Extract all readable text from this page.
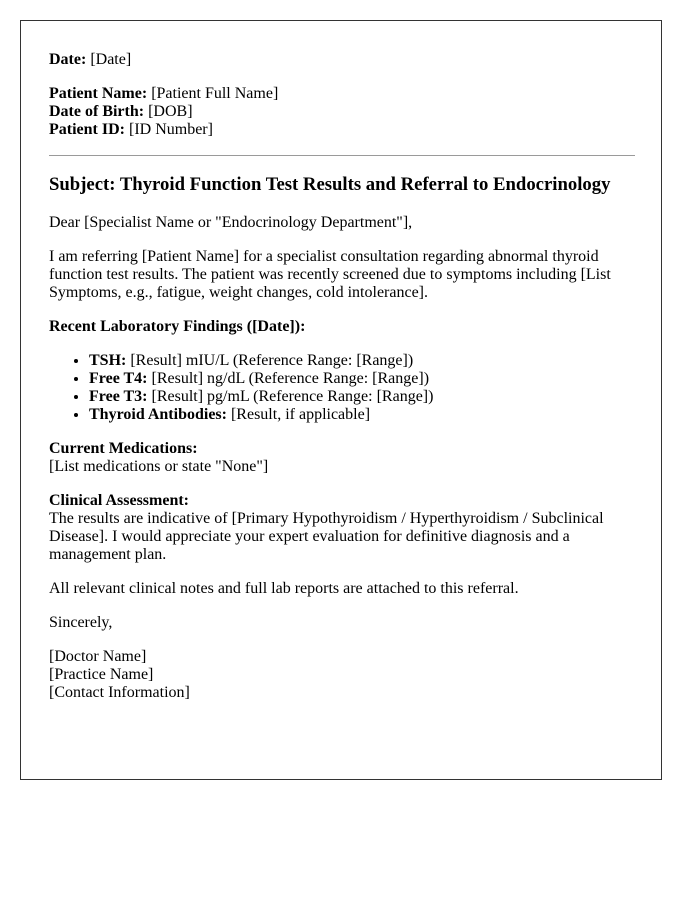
Date: [Date]

Patient Name: [Patient Full Name]
Date of Birth: [DOB]
Patient ID: [ID Number]

Subject: Thyroid Function Test Results and Referral to Endocrinology

Dear [Specialist Name or "Endocrinology Department"],

I am referring [Patient Name] for a specialist consultation regarding abnormal thyroid function test results. The patient was recently screened due to symptoms including [List Symptoms, e.g., fatigue, weight changes, cold intolerance].

Recent Laboratory Findings ([Date]):

• TSH: [Result] mIU/L (Reference Range: [Range])
• Free T4: [Result] ng/dL (Reference Range: [Range])
• Free T3: [Result] pg/mL (Reference Range: [Range])
• Thyroid Antibodies: [Result, if applicable]

Current Medications:
[List medications or state "None"]

Clinical Assessment:
The results are indicative of [Primary Hypothyroidism / Hyperthyroidism / Subclinical Disease]. I would appreciate your expert evaluation for definitive diagnosis and a management plan.

All relevant clinical notes and full lab reports are attached to this referral.

Sincerely,

[Doctor Name]
[Practice Name]
[Contact Information]
